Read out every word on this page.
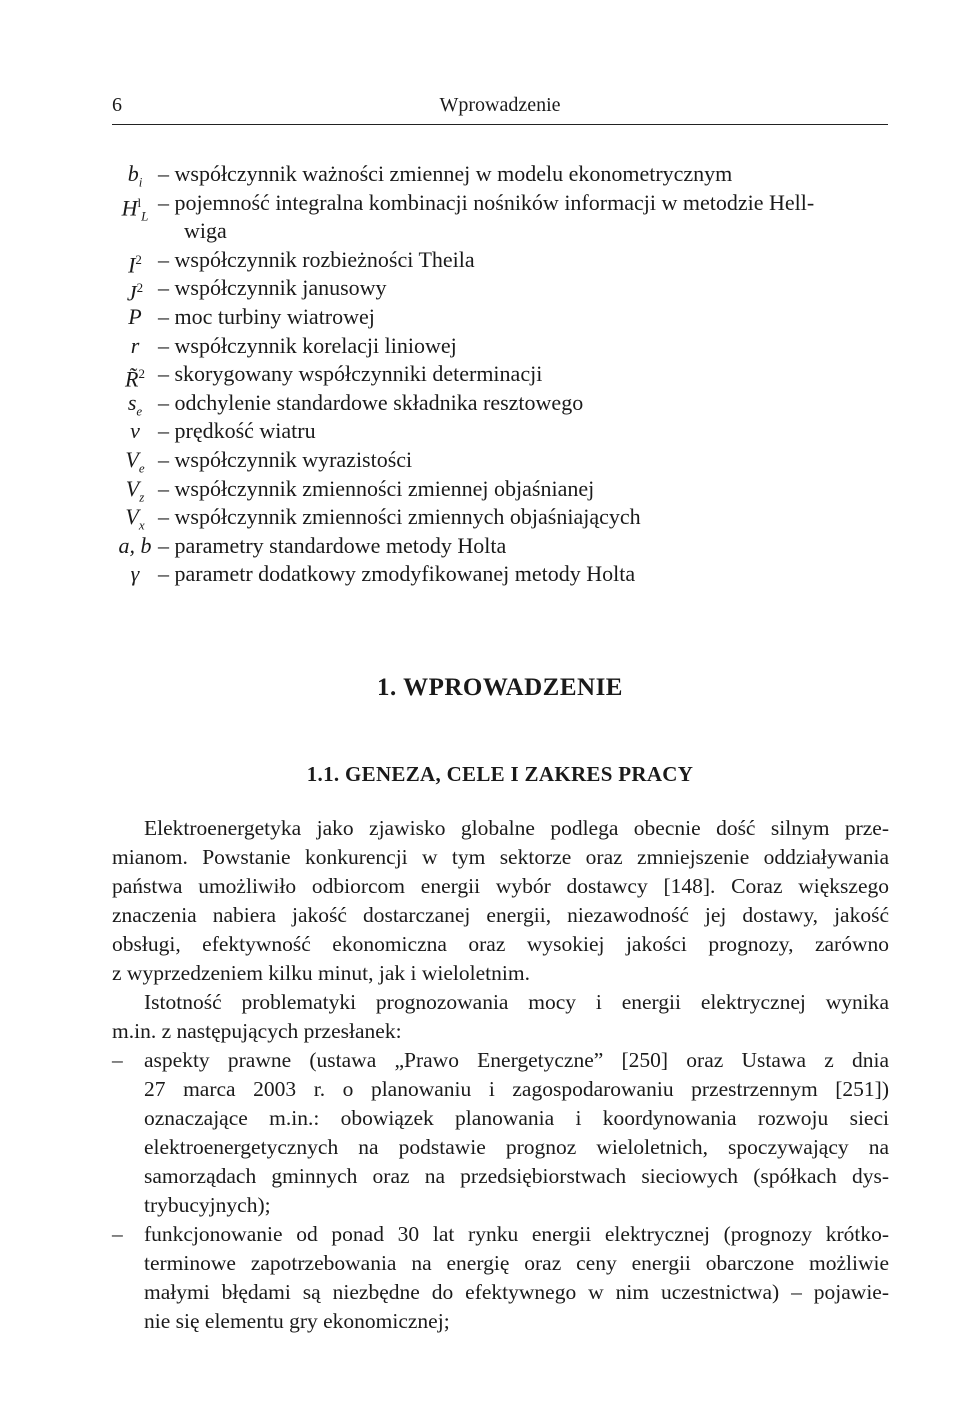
6	Wprowadzenie
$b_i$ – współczynnik ważności zmiennej w modelu ekonometrycznym
$H^l_L$
– pojemność integralna kombinacji nośników informacji w metodzie Hell-
wiga
$I^2$ – współczynnik rozbieżności Theila
$J^2$ – współczynnik janusowy
P – moc turbiny wiatrowej
r – współczynnik korelacji liniowej
R̃$^2$ – skorygowany współczynniki determinacji
$s_e$ – odchylenie standardowe składnika resztowego
v – prędkość wiatru
$V_e$ – współczynnik wyrazistości
$V_z$ – współczynnik zmienności zmiennej objaśnianej
$V_x$ – współczynnik zmienności zmiennych objaśniających
a, b – parametry standardowe metody Holta
γ – parametr dodatkowy zmodyfikowanej metody Holta
1. WPROWADZENIE
1.1. GENEZA, CELE I ZAKRES PRACY
Elektroenergetyka jako zjawisko globalne podlega obecnie dość silnym prze-
mianom. Powstanie konkurencji w tym sektorze oraz zmniejszenie oddziaływania
państwa umożliwiło odbiorcom energii wybór dostawcy [148]. Coraz większego
znaczenia nabiera jakość dostarczanej energii, niezawodność jej dostawy, jakość
obsługi, efektywność ekonomiczna oraz wysokiej jakości prognozy, zarówno
z wyprzedzeniem kilku minut, jak i wieloletnim.
Istotność problematyki prognozowania mocy i energii elektrycznej wynika
m.in. z następujących przesłanek:
– aspekty prawne (ustawa „Prawo Energetyczne” [250] oraz Ustawa z dnia
27 marca 2003 r. o planowaniu i zagospodarowaniu przestrzennym [251])
oznaczające m.in.: obowiązek planowania i koordynowania rozwoju sieci
elektroenergetycznych na podstawie prognoz wieloletnich, spoczywający na
samorządach gminnych oraz na przedsiębiorstwach sieciowych (spółkach dys-
trybucyjnych);
– funkcjonowanie od ponad 30 lat rynku energii elektrycznej (prognozy krótko-
terminowe zapotrzebowania na energię oraz ceny energii obarczone możliwie
małymi błędami są niezbędne do efektywnego w nim uczestnictwa) – pojawie-
nie się elementu gry ekonomicznej;
